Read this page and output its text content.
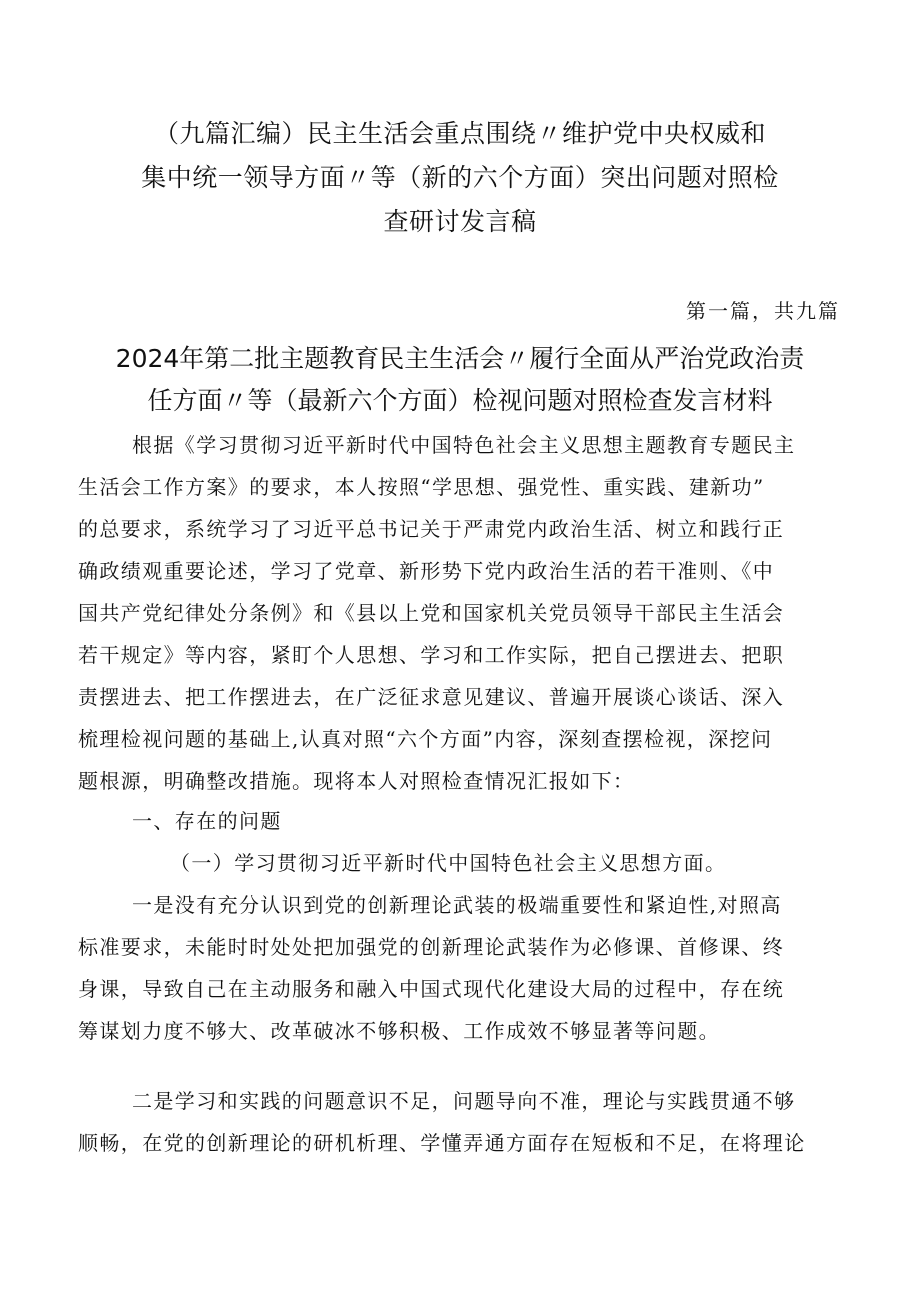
（九篇汇编）民主生活会重点围绕〃维护党中央权威和
集中统一领导方面〃等（新的六个方面）突出问题对照检
查研讨发言稿
第一篇，共九篇
2024年第二批主题教育民主生活会〃履行全面从严治党政治责
任方面〃等（最新六个方面）检视问题对照检查发言材料

根据《学习贯彻习近平新时代中国特色社会主义思想主题教育专题民主
生活会工作方案》的要求，本人按照“学思想、强党性、重实践、建新功”
的总要求，系统学习了习近平总书记关于严肃党内政治生活、树立和践行正
确政绩观重要论述，学习了党章、新形势下党内政治生活的若干准则、《中
国共产党纪律处分条例》和《县以上党和国家机关党员领导干部民主生活会
若干规定》等内容，紧盯个人思想、学习和工作实际，把自己摆进去、把职
责摆进去、把工作摆进去，在广泛征求意见建议、普遍开展谈心谈话、深入
梳理检视问题的基础上,认真对照“六个方面”内容，深刻查摆检视，深挖问
题根源，明确整改措施。现将本人对照检查情况汇报如下：

一、存在的问题

（一）学习贯彻习近平新时代中国特色社会主义思想方面。

一是没有充分认识到党的创新理论武装的极端重要性和紧迫性,对照高
标准要求，未能时时处处把加强党的创新理论武装作为必修课、首修课、终
身课，导致自己在主动服务和融入中国式现代化建设大局的过程中，存在统
筹谋划力度不够大、改革破冰不够积极、工作成效不够显著等问题。

二是学习和实践的问题意识不足，问题导向不准，理论与实践贯通不够
顺畅，在党的创新理论的研机析理、学懂弄通方面存在短板和不足，在将理论
